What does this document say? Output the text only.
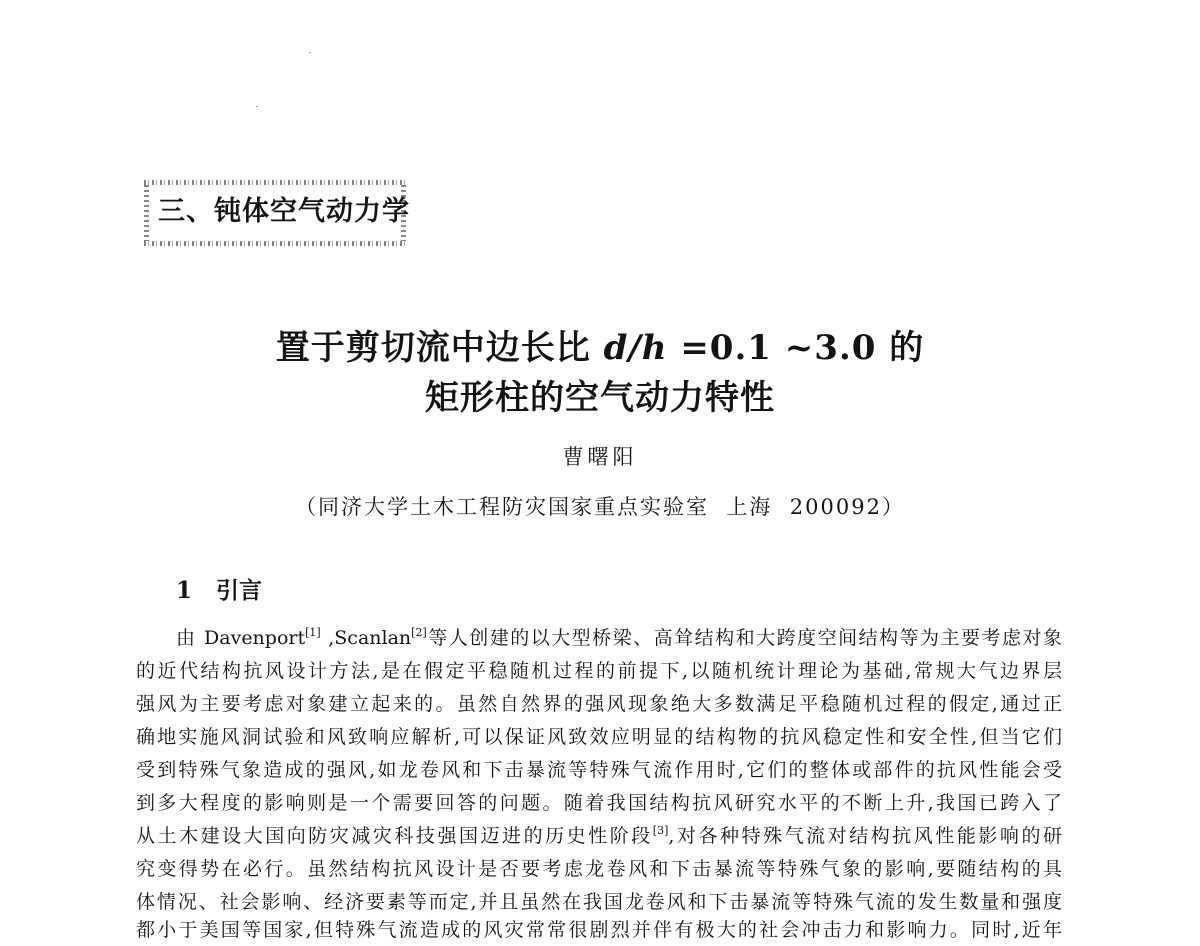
三、钝体空气动力学
置于剪切流中边长比 d/h =0.1 ~3.0 的
矩形柱的空气动力特性
曹曙阳
（同济大学土木工程防灾国家重点实验室  上海  200092）
1 引言
由 Davenport[1] ,Scanlan[2]等人创建的以大型桥梁、高耸结构和大跨度空间结构等为主要考虑对象
的近代结构抗风设计方法,是在假定平稳随机过程的前提下,以随机统计理论为基础,常规大气边界层
强风为主要考虑对象建立起来的。虽然自然界的强风现象绝大多数满足平稳随机过程的假定,通过正
确地实施风洞试验和风致响应解析,可以保证风致效应明显的结构物的抗风稳定性和安全性,但当它们
受到特殊气象造成的强风,如龙卷风和下击暴流等特殊气流作用时,它们的整体或部件的抗风性能会受
到多大程度的影响则是一个需要回答的问题。随着我国结构抗风研究水平的不断上升,我国已跨入了
从土木建设大国向防灾减灾科技强国迈进的历史性阶段[3],对各种特殊气流对结构抗风性能影响的研
究变得势在必行。虽然结构抗风设计是否要考虑龙卷风和下击暴流等特殊气象的影响,要随结构的具
体情况、社会影响、经济要素等而定,并且虽然在我国龙卷风和下击暴流等特殊气流的发生数量和强度
都小于美国等国家,但特殊气流造成的风灾常常很剧烈并伴有极大的社会冲击力和影响力。同时,近年
